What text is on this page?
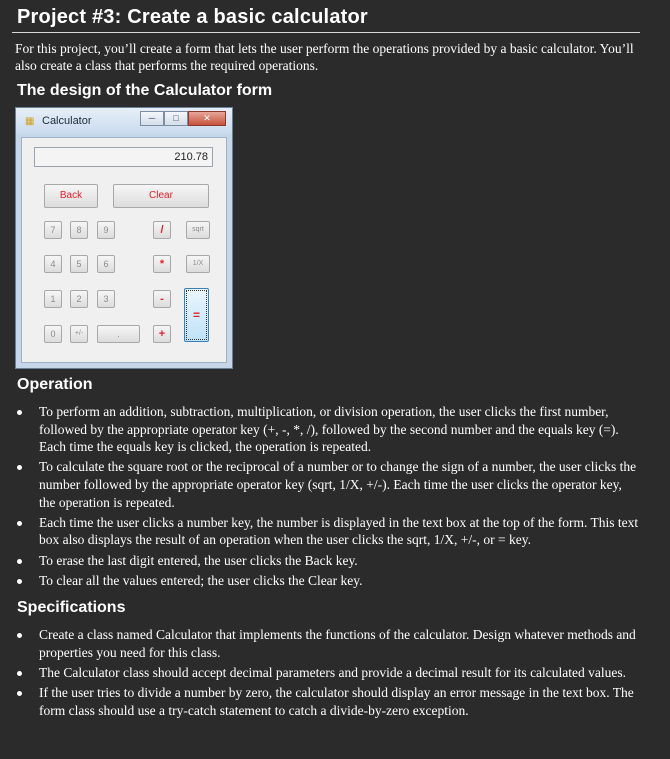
Project #3: Create a basic calculator
For this project, you’ll create a form that lets the user perform the operations provided by a basic calculator. You’ll also create a class that performs the required operations.
The design of the Calculator form
▦ Calculator	─	□	✕
210.78
Back	Clear
7	8	9	/	sqrt
4	5	6	*	1/X
1	2	3	-
=
0	+/-	.	+
Operation
To perform an addition, subtraction, multiplication, or division operation, the user clicks the first number, followed by the appropriate operator key (+, -, *, /), followed by the second number and the equals key (=). Each time the equals key is clicked, the operation is repeated.
To calculate the square root or the reciprocal of a number or to change the sign of a number, the user clicks the number followed by the appropriate operator key (sqrt, 1/X, +/-). Each time the user clicks the operator key, the operation is repeated.
Each time the user clicks a number key, the number is displayed in the text box at the top of the form. This text box also displays the result of an operation when the user clicks the sqrt, 1/X, +/-, or = key.
To erase the last digit entered, the user clicks the Back key.
To clear all the values entered; the user clicks the Clear key.
Specifications
Create a class named Calculator that implements the functions of the calculator. Design whatever methods and properties you need for this class.
The Calculator class should accept decimal parameters and provide a decimal result for its calculated values.
If the user tries to divide a number by zero, the calculator should display an error message in the text box. The form class should use a try-catch statement to catch a divide-by-zero exception.
